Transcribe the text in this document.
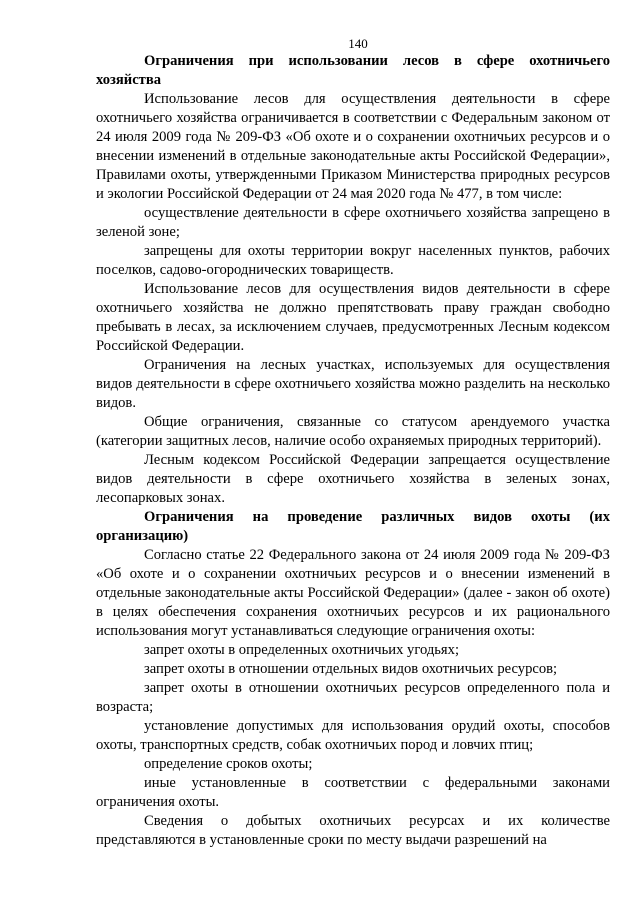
140

Ограничения при использовании лесов в сфере охотничьего хозяйства

Использование лесов для осуществления деятельности в сфере охотничьего хозяйства ограничивается в соответствии с Федеральным законом от 24 июля 2009 года № 209-ФЗ «Об охоте и о сохранении охотничьих ресурсов и о внесении изменений в отдельные законодательные акты Российской Федерации», Правилами охоты, утвержденными Приказом Министерства природных ресурсов и экологии Российской Федерации от 24 мая 2020 года № 477, в том числе:

осуществление деятельности в сфере охотничьего хозяйства запрещено в зеленой зоне;

запрещены для охоты территории вокруг населенных пунктов, рабочих поселков, садово-огороднических товариществ.

Использование лесов для осуществления видов деятельности в сфере охотничьего хозяйства не должно препятствовать праву граждан свободно пребывать в лесах, за исключением случаев, предусмотренных Лесным кодексом Российской Федерации.

Ограничения на лесных участках, используемых для осуществления видов деятельности в сфере охотничьего хозяйства можно разделить на несколько видов.

Общие ограничения, связанные со статусом арендуемого участка (категории защитных лесов, наличие особо охраняемых природных территорий).

Лесным кодексом Российской Федерации запрещается осуществление видов деятельности в сфере охотничьего хозяйства в зеленых зонах, лесопарковых зонах.

Ограничения на проведение различных видов охоты (их организацию)

Согласно статье 22 Федерального закона от 24 июля 2009 года № 209-ФЗ «Об охоте и о сохранении охотничьих ресурсов и о внесении изменений в отдельные законодательные акты Российской Федерации» (далее - закон об охоте) в целях обеспечения сохранения охотничьих ресурсов и их рационального использования могут устанавливаться следующие ограничения охоты:

запрет охоты в определенных охотничьих угодьях;

запрет охоты в отношении отдельных видов охотничьих ресурсов;

запрет охоты в отношении охотничьих ресурсов определенного пола и возраста;

установление допустимых для использования орудий охоты, способов охоты, транспортных средств, собак охотничьих пород и ловчих птиц;

определение сроков охоты;

иные установленные в соответствии с федеральными законами ограничения охоты.

Сведения о добытых охотничьих ресурсах и их количестве представляются в установленные сроки по месту выдачи разрешений на
